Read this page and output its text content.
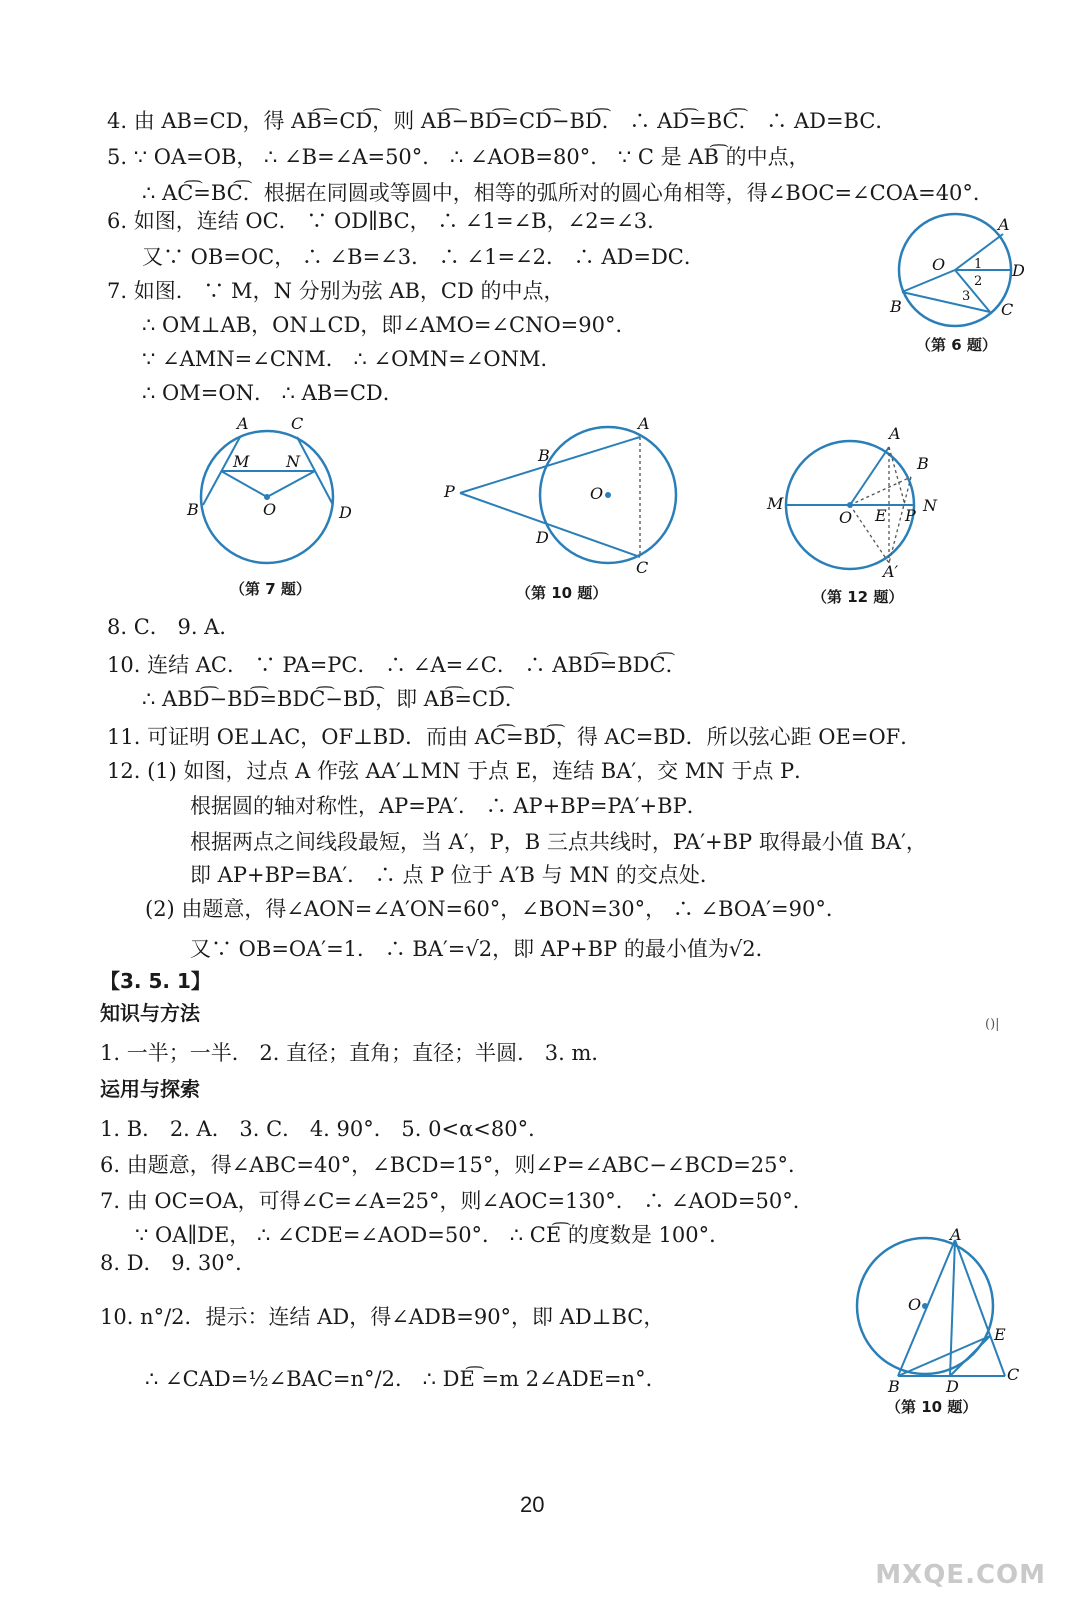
4. 由 AB=CD，得 AB͡=CD͡，则 AB͡−BD͡=CD͡−BD͡． ∴ AD͡=BC͡． ∴ AD=BC．
5. ∵ OA=OB， ∴ ∠B=∠A=50°． ∴ ∠AOB=80°． ∵ C 是 AB͡ 的中点，
∴ AC͡=BC͡．根据在同圆或等圆中，相等的弧所对的圆心角相等，得∠BOC=∠COA=40°．
6. 如图，连结 OC． ∵ OD∥BC， ∴ ∠1=∠B，∠2=∠3．
又∵ OB=OC， ∴ ∠B=∠3． ∴ ∠1=∠2． ∴ AD=DC．
7. 如图． ∵ M，N 分别为弦 AB，CD 的中点，
∴ OM⊥AB，ON⊥CD，即∠AMO=∠CNO=90°．
∵ ∠AMN=∠CNM． ∴ ∠OMN=∠ONM．
∴ OM=ON． ∴ AB=CD．
8. C． 9. A．
10. 连结 AC． ∵ PA=PC． ∴ ∠A=∠C． ∴ ABD͡=BDC͡．
∴ ABD͡−BD͡=BDC͡−BD͡，即 AB͡=CD͡．
11. 可证明 OE⊥AC，OF⊥BD．而由 AC͡=BD͡，得 AC=BD．所以弦心距 OE=OF．
12. (1) 如图，过点 A 作弦 AA′⊥MN 于点 E，连结 BA′，交 MN 于点 P．
根据圆的轴对称性，AP=PA′． ∴ AP+BP=PA′+BP．
根据两点之间线段最短，当 A′，P，B 三点共线时，PA′+BP 取得最小值 BA′，
即 AP+BP=BA′． ∴ 点 P 位于 A′B 与 MN 的交点处．
(2) 由题意，得∠AON=∠A′ON=60°，∠BON=30°， ∴ ∠BOA′=90°．
又∵ OB=OA′=1． ∴ BA′=√2，即 AP+BP 的最小值为√2．
【3. 5. 1】
知识与方法
1. 一半；一半． 2. 直径；直角；直径；半圆． 3. m．
运用与探索
1. B． 2. A． 3. C． 4. 90°． 5. 0<α<80°．
6. 由题意，得∠ABC=40°，∠BCD=15°，则∠P=∠ABC−∠BCD=25°．
7. 由 OC=OA，可得∠C=∠A=25°，则∠AOC=130°． ∴ ∠AOD=50°．
∵ OA∥DE， ∴ ∠CDE=∠AOD=50°． ∴ CE͡ 的度数是 100°．
8. D． 9. 30°．
10. n°/2．提示：连结 AD，得∠ADB=90°，即 AD⊥BC，
∴ ∠CAD=½∠BAC=n°/2． ∴ DE͡ =m 2∠ADE=n°．
()|
20
MXQE.COM
O
A
D
C
B
1
2
3
（第 6 题）
A	C
M N
B	O	D
（第 7 题）
A
B
P	O
D
C
（第 10 题）
A
B
M
O E P
N
A′
（第 12 题）
A
O
E
B	D
C
（第 10 题）
